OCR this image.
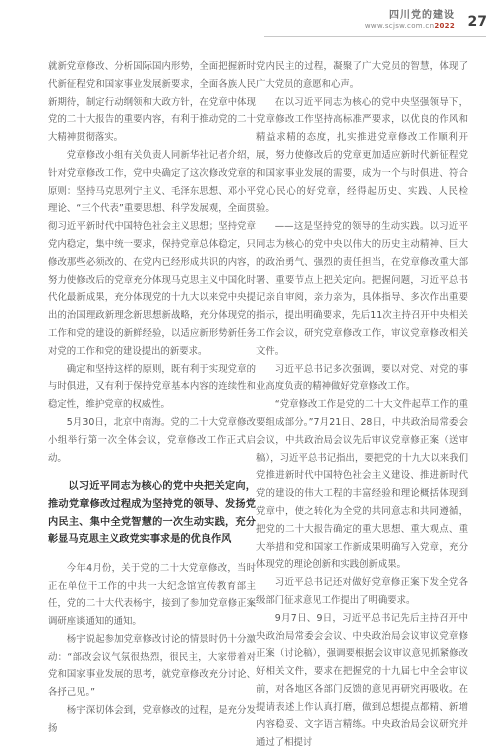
四川党的建设
www.scjsw.com.cn2022 27

就新党章修改、分析国际国内形势，全面把握新时代新征程党和国家事业发展新要求，全面各族人民新期待，制定行动纲领和大政方针，在党章中体现党的二十大报告的重要内容，有利于推动党的二十大精神贯彻落实。

党章修改小组有关负责人同新华社记者介绍，针对党章修改工作，党中央确定了这次修改党章的原则：坚持马克思列宁主义、毛泽东思想、邓小平理论、“三个代表”重要思想、科学发展观，全面贯彻习近平新时代中国特色社会主义思想；坚持党章党内稳定，集中统一要求，保持党章总体稳定，只修改那些必须改的、在党内已经形成共识的内容，努力使修改后的党章充分体现马克思主义中国化时代化最新成果，充分体现党的十九大以来党中央提出的治国理政新理念新思想新战略，充分体现党的工作和党的建设的新鲜经验，以适应新形势新任务对党的工作和党的建设提出的新要求。

确定和坚持这样的原则，既有利于实现党章的与时俱进，又有利于保持党章基本内容的连续性和稳定性，维护党章的权威性。

5月30日，北京中南海。党的二十大党章修改小组举行第一次全体会议，党章修改工作正式启动。

以习近平同志为核心的党中央把关定向，推动党章修改过程成为坚持党的领导、发扬党内民主、集中全党智慧的一次生动实践，充分彰显马克思主义政党实事求是的优良作风

今年4月份，关于党的二十大党章修改，当时正在单位干工作的中共一大纪念馆宣传教育部主任，党的二十大代表杨宇，接到了参加党章修正案调研座谈通知的通知。

杨宇说起参加党章修改讨论的情景时仍十分激动：“部改会议气氛很热烈，很民主，大家带着对党和国家事业发展的思考，就党章修改充分讨论、各抒己见。”

杨宇深切体会到，党章修改的过程，是充分发扬

党内民主的过程，凝聚了广大党员的智慧，体现了广大党员的意愿和心声。

在以习近平同志为核心的党中央坚强领导下，党章修改工作坚持高标准严要求，以优良的作风和精益求精的态度，扎实推进党章修改工作顺利开展，努力使修改后的党章更加适应新时代新征程党和国家事业发展的需要，成为一个与时俱进、符合党心民心的好党章，经得起历史、实践、人民检验。

——这是坚持党的领导的生动实践。以习近平同志为核心的党中央以伟大的历史主动精神、巨大的政治勇气、强烈的责任担当，在党章修改重大部署、重要节点上把关定向。把握问题，习近平总书记亲自审阅，亲力亲为，具体指导、多次作出重要指示，提出明确要求，先后11次主持召开中央相关工作会议，研究党章修改工作，审议党章修改相关文件。

习近平总书记多次强调，要以对党、对党的事业高度负责的精神做好党章修改工作。

“党章修改工作是党的二十大文件起草工作的重要组成部分。”7月21日、28日，中共政治局常委会会议，中共政治局会议先后审议党章修正案（送审稿），习近平总书记指出，要把党的十九大以来我们党推进新时代中国特色社会主义建设、推进新时代党的建设的伟大工程的丰富经验和理论概括体现到党章中，使之转化为全党的共同意志和共同遵循，把党的二十大报告确定的重大思想、重大观点、重大举措和党和国家工作新成果明确写入党章，充分体现党的理论创新和实践创新成果。

习近平总书记还对做好党章修正案下发全党各级部门征求意见工作提出了明确要求。

9月7日、9日，习近平总书记先后主持召开中央政治局常委会会议、中央政治局会议审议党章修正案（讨论稿），强调要根据会议审议意见抓紧修改好相关文件，要求在把握党的十九届七中全会审议前，对各地区各部门反馈的意见再研究再吸收。在提请表述上作认真打磨，做到总想提点都精、新增内容稳妥、文字语言精练。中央政治局会议研究并通过了相提讨
